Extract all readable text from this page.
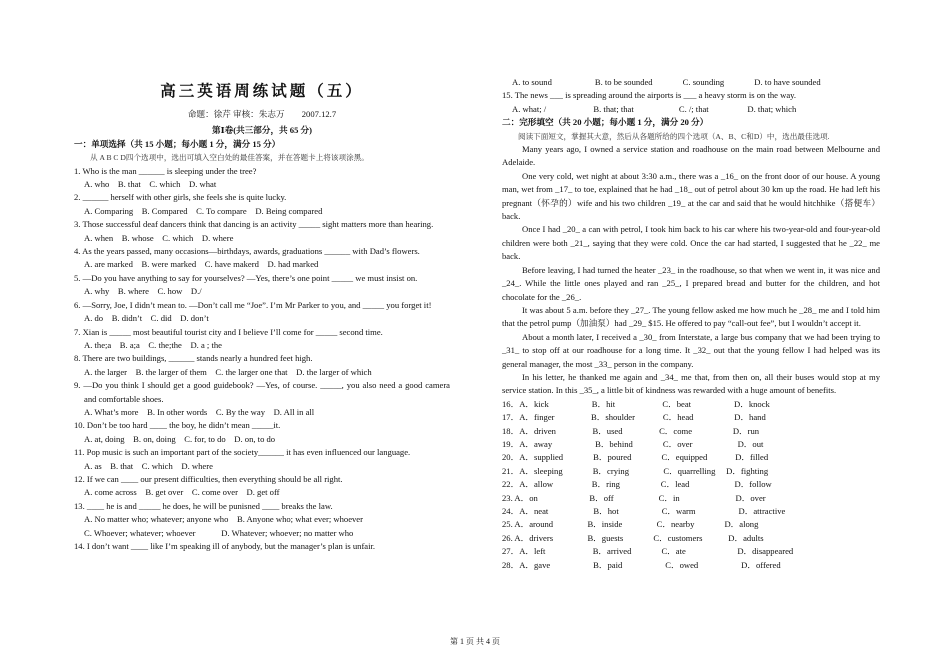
高三英语周练试题（五）
命题：徐芹 审核：朱志万　　2007.12.7
第Ⅰ卷(共三部分，共 65 分)
一：单项选择（共 15 小题；每小题 1 分，满分 15 分）
从 A B C D四个选项中，选出可填入空白处的最佳答案，并在答题卡上将该项涂黑。
1. Who is the man ______ is sleeping under the tree?
A. who    B. that    C. which    D. what
2. ______ herself with other girls, she feels she is quite lucky.
A. Comparing    B. Compared    C. To compare    D. Being compared
3. Those successful deaf dancers think that dancing is an activity _____ sight matters more than hearing.
A. when    B. whose    C. which    D. where
4. As the years passed, many occasions—birthdays, awards, graduations ______ with Dad’s flowers.
A. are marked    B. were marked    C. have makerd    D. had marked
5. —Do you have anything to say for yourselves? —Yes, there’s one point _____ we must insist on.
A. why    B. where    C. how    D./
6. —Sorry, Joe, I didn’t mean to. —Don’t call me “Joe”. I’m Mr Parker to you, and _____ you forget it!
A. do    B. didn’t    C. did    D. don’t
7. Xian is _____ most beautiful tourist city and I believe I’ll come for _____ second time.
A. the;a    B. a;a    C. the;the    D. a ; the
8. There are two buildings, ______ stands nearly a hundred feet high.
A. the larger    B. the larger of them    C. the larger one that    D. the larger of which
9. —Do you think I should get a good guidebook? —Yes, of course. _____, you also need a good camera and comfortable shoes.
A. What’s more    B. In other words    C. By the way    D. All in all
10. Don’t be too hard ____ the boy, he didn’t mean _____it.
A. at, doing    B. on, doing    C. for, to do    D. on, to do
11. Pop music is such an important part of the society______ it has even influenced our language.
A. as    B. that    C. which    D. where
12. If we can ____ our present difficulties, then everything should be all right.
A. come across    B. get over    C. come over    D. get off
13. ____ he is and _____ he does, he will be punisned ____ breaks the law.
A. No matter who; whatever; anyone who    B. Anyone who; what ever; whoever
C. Whoever; whatever; whoever            D. Whatever; whoever; no matter who
14. I don’t want ____ like I’m speaking ill of anybody, but the manager’s plan is unfair.
A. to sound                    B. to be sounded              C. sounding              D. to have sounded
15. The news ___ is spreading around the airports is ___ a heavy storm is on the way.
A. what; /                      B. that; that                     C. /; that                  D. that; which
二：完形填空（共 20 小题；每小题 1 分，满分 20 分）
阅读下面短文，掌握其大意，然后从各题所给的四个选项（A、B、C和D）中，选出最佳选项.
Many years ago, I owned a service station and roadhouse on the main road between Melbourne and Adelaide.
One very cold, wet night at about 3:30 a.m., there was a _16_ on the front door of our house. A young man, wet from _17_ to toe, explained that he had _18_ out of petrol about 30 km up the road. He had left his pregnant（怀孕的）wife and his two children _19_ at the car and said that he would hitchhike（搭便车）back.
Once I had _20_ a can with petrol, I took him back to his car where his two-year-old and four-year-old children were both _21_, saying that they were cold. Once the car had started, I suggested that he _22_ me back.
Before leaving, I had turned the heater _23_ in the roadhouse, so that when we went in, it was nice and _24_. While the little ones played and ran _25_, I prepared bread and butter for the children, and hot chocolate for the _26_.
It was about 5 a.m. before they _27_. The young fellow asked me how much he _28_ me and I told him that the petrol pump（加油泵）had _29_ $15. He offered to pay “call-out fee”, but I wouldn’t accept it.
About a month later, I received a _30_ from Interstate, a large bus company that we had been trying to _31_ to stop off at our roadhouse for a long time. It _32_ out that the young fellow I had helped was its general manager, the most _33_ person in the company.
In his letter, he thanked me again and _34_ me that, from then on, all their buses would stop at my service station. In this _35_, a little bit of kindness was rewarded with a huge amount of benefits.
16．A．kick                    B．hit                      C．beat                    D．knock
17．A．finger                 B．shoulder             C．head                   D．hand
18．A．driven                 B．used                 C．come                   D．run
19．A．away                    B．behind              C．over                     D．out
20．A．supplied              B．poured              C．equipped             D．filled
21．A．sleeping              B．crying                C．quarrelling     D．fighting
22．A．allow                  B．ring                   C．lead                     D．follow
23. A．on                        B．off                     C．in                          D．over
24．A．neat                     B．hot                    C．warm                    D．attractive
25. A．around                B．inside                C．nearby              D．along
26. A．drivers                B．guests              C．customers            D．adults
27．A．left                      B．arrived              C．ate                        D．disappeared
28．A．gave                    B．paid                    C．owed                    D．offered
第 1 页 共 4 页
